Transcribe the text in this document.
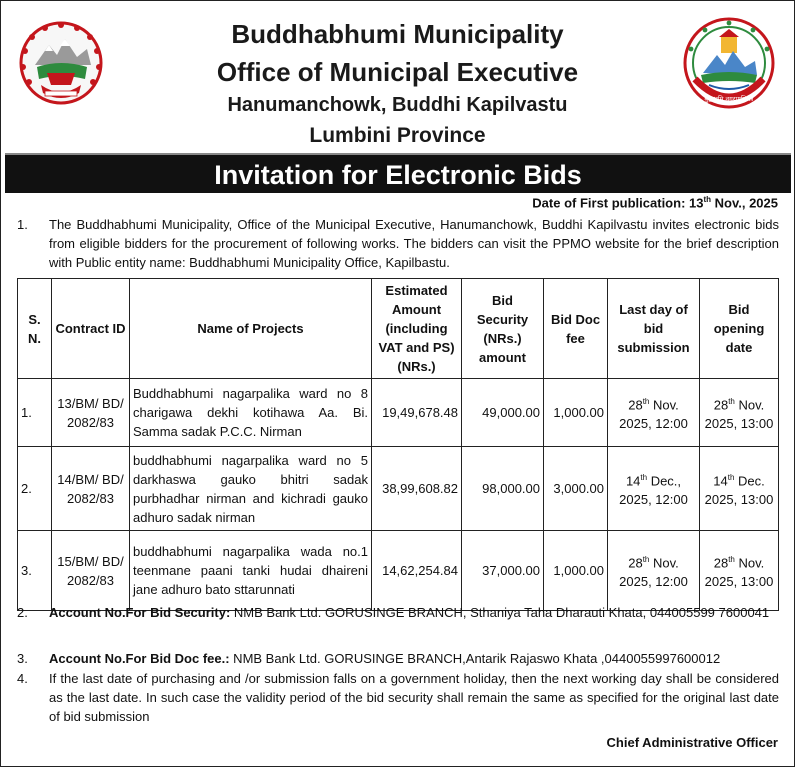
Buddhabhumi Municipality
Office of Municipal Executive
Hanumanchowk, Buddhi Kapilvastu
Lumbini Province
बुद्धभूमि नगरपालिका
Invitation for Electronic Bids
Date of First publication: 13th Nov., 2025
1. The Buddhabhumi Municipality, Office of the Municipal Executive, Hanumanchowk, Buddhi Kapilvastu invites electronic bids from eligible bidders for the procurement of following works. The bidders can visit the PPMO website for the brief description with Public entity name: Buddhabhumi Municipality Office, Kapilbastu.
S. N.	Contract ID	Name of Projects	Estimated Amount (including VAT and PS) (NRs.)	Bid Security (NRs.) amount	Bid Doc fee	Last day of bid submission	Bid opening date
1.	13/BM/ BD/ 2082/83	Buddhabhumi nagarpalika ward no 8 charigawa dekhi kotihawa Aa. Bi. Samma sadak P.C.C. Nirman	19,49,678.48	49,000.00	1,000.00	28th Nov. 2025, 12:00	28th Nov. 2025, 13:00
2.	14/BM/ BD/ 2082/83	buddhabhumi nagarpalika ward no 5 darkhaswa gauko bhitri sadak purbhadhar nirman and kichradi gauko adhuro sadak nirman	38,99,608.82	98,000.00	3,000.00	14th Dec., 2025, 12:00	14th Dec. 2025, 13:00
3.	15/BM/ BD/ 2082/83	buddhabhumi nagarpalika wada no.1 teenmane paani tanki hudai dhaireni jane adhuro bato sttarunnati	14,62,254.84	37,000.00	1,000.00	28th Nov. 2025, 12:00	28th Nov. 2025, 13:00
2. Account No.For Bid Security: NMB Bank Ltd. GORUSINGE BRANCH, Sthaniya Taha Dharauti Khata, 044005599 7600041
3. Account No.For Bid Doc fee.: NMB Bank Ltd. GORUSINGE BRANCH,Antarik Rajaswo Khata ,0440055997600012
4. If the last date of purchasing and /or submission falls on a government holiday, then the next working day shall be considered as the last date. In such case the validity period of the bid security shall remain the same as specified for the original last date of bid submission
Chief Administrative Officer
